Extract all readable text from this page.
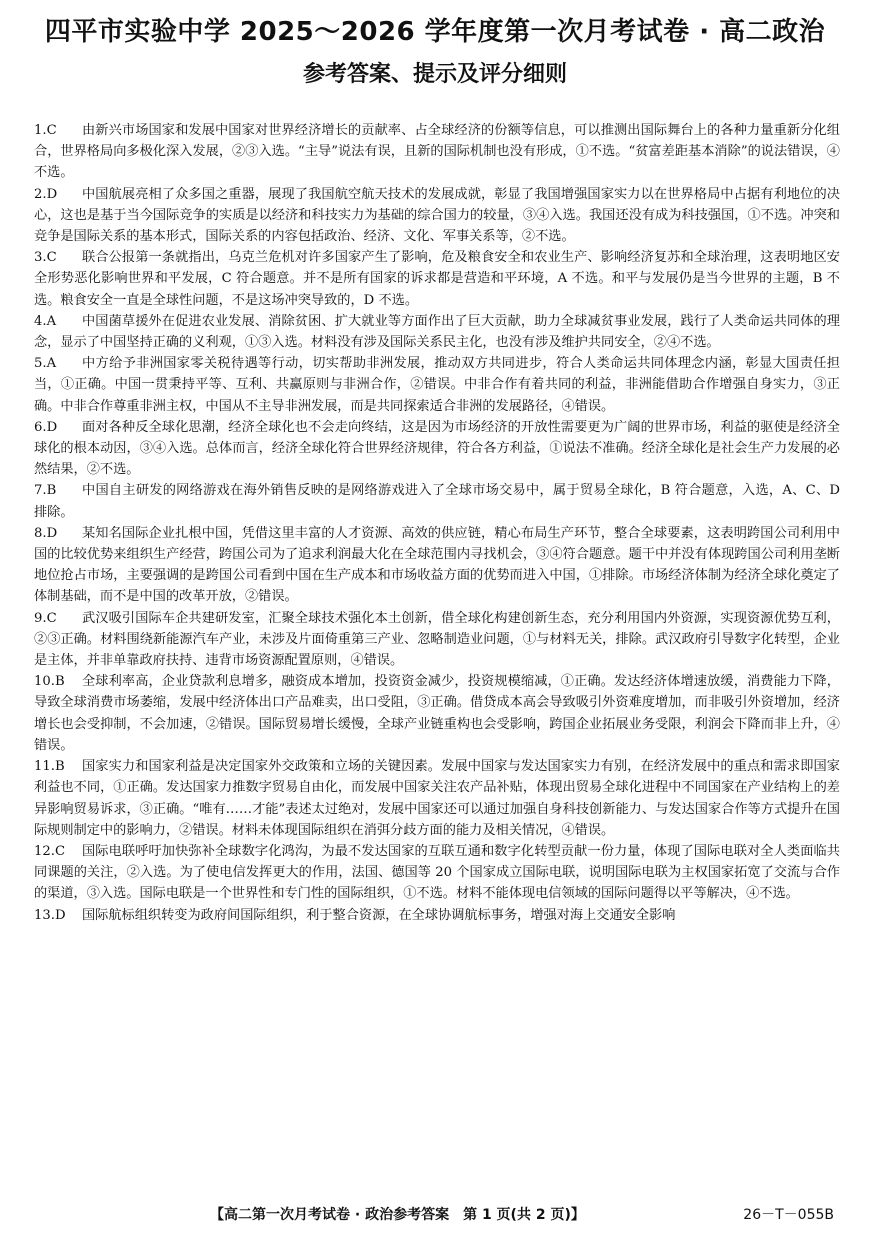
四平市实验中学 2025～2026 学年度第一次月考试卷 · 高二政治
参考答案、提示及评分细则
1.C	由新兴市场国家和发展中国家对世界经济增长的贡献率、占全球经济的份额等信息，可以推测出国际舞台上的各种力量重新分化组合，世界格局向多极化深入发展，②③入选。“主导”说法有误，且新的国际机制也没有形成，①不选。“贫富差距基本消除”的说法错误，④不选。
2.D	中国航展亮相了众多国之重器，展现了我国航空航天技术的发展成就，彰显了我国增强国家实力以在世界格局中占据有利地位的决心，这也是基于当今国际竞争的实质是以经济和科技实力为基础的综合国力的较量，③④入选。我国还没有成为科技强国，①不选。冲突和竞争是国际关系的基本形式，国际关系的内容包括政治、经济、文化、军事关系等，②不选。
3.C	联合公报第一条就指出，乌克兰危机对许多国家产生了影响，危及粮食安全和农业生产、影响经济复苏和全球治理，这表明地区安全形势恶化影响世界和平发展，C 符合题意。并不是所有国家的诉求都是营造和平环境，A 不选。和平与发展仍是当今世界的主题，B 不选。粮食安全一直是全球性问题，不是这场冲突导致的，D 不选。
4.A	中国菌草援外在促进农业发展、消除贫困、扩大就业等方面作出了巨大贡献，助力全球减贫事业发展，践行了人类命运共同体的理念，显示了中国坚持正确的义利观，①③入选。材料没有涉及国际关系民主化，也没有涉及维护共同安全，②④不选。
5.A	中方给予非洲国家零关税待遇等行动，切实帮助非洲发展，推动双方共同进步，符合人类命运共同体理念内涵，彰显大国责任担当，①正确。中国一贯秉持平等、互利、共赢原则与非洲合作，②错误。中非合作有着共同的利益，非洲能借助合作增强自身实力，③正确。中非合作尊重非洲主权，中国从不主导非洲发展，而是共同探索适合非洲的发展路径，④错误。
6.D	面对各种反全球化思潮，经济全球化也不会走向终结，这是因为市场经济的开放性需要更为广阔的世界市场，利益的驱使是经济全球化的根本动因，③④入选。总体而言，经济全球化符合世界经济规律，符合各方利益，①说法不准确。经济全球化是社会生产力发展的必然结果，②不选。
7.B	中国自主研发的网络游戏在海外销售反映的是网络游戏进入了全球市场交易中，属于贸易全球化，B 符合题意，入选，A、C、D 排除。
8.D	某知名国际企业扎根中国，凭借这里丰富的人才资源、高效的供应链，精心布局生产环节，整合全球要素，这表明跨国公司利用中国的比较优势来组织生产经营，跨国公司为了追求利润最大化在全球范围内寻找机会，③④符合题意。题干中并没有体现跨国公司利用垄断地位抢占市场，主要强调的是跨国公司看到中国在生产成本和市场收益方面的优势而进入中国，①排除。市场经济体制为经济全球化奠定了体制基础，而不是中国的改革开放，②错误。
9.C	武汉吸引国际车企共建研发室，汇聚全球技术强化本土创新，借全球化构建创新生态，充分利用国内外资源，实现资源优势互利，②③正确。材料围绕新能源汽车产业，未涉及片面倚重第三产业、忽略制造业问题，①与材料无关，排除。武汉政府引导数字化转型，企业是主体，并非单靠政府扶持、违背市场资源配置原则，④错误。
10.B	全球利率高，企业贷款利息增多，融资成本增加，投资资金减少，投资规模缩减，①正确。发达经济体增速放缓，消费能力下降，导致全球消费市场萎缩，发展中经济体出口产品难卖，出口受阻，③正确。借贷成本高会导致吸引外资难度增加，而非吸引外资增加，经济增长也会受抑制，不会加速，②错误。国际贸易增长缓慢，全球产业链重构也会受影响，跨国企业拓展业务受限，利润会下降而非上升，④错误。
11.B	国家实力和国家利益是决定国家外交政策和立场的关键因素。发展中国家与发达国家实力有别，在经济发展中的重点和需求即国家利益也不同，①正确。发达国家力推数字贸易自由化，而发展中国家关注农产品补贴，体现出贸易全球化进程中不同国家在产业结构上的差异影响贸易诉求，③正确。“唯有……才能”表述太过绝对，发展中国家还可以通过加强自身科技创新能力、与发达国家合作等方式提升在国际规则制定中的影响力，②错误。材料未体现国际组织在消弭分歧方面的能力及相关情况，④错误。
12.C	国际电联呼吁加快弥补全球数字化鸿沟，为最不发达国家的互联互通和数字化转型贡献一份力量，体现了国际电联对全人类面临共同课题的关注，②入选。为了使电信发挥更大的作用，法国、德国等 20 个国家成立国际电联，说明国际电联为主权国家拓宽了交流与合作的渠道，③入选。国际电联是一个世界性和专门性的国际组织，①不选。材料不能体现电信领域的国际问题得以平等解决，④不选。
13.D	国际航标组织转变为政府间国际组织，利于整合资源，在全球协调航标事务，增强对海上交通安全影响
【高二第一次月考试卷 · 政治参考答案　第 1 页(共 2 页)】	26－T－055B
